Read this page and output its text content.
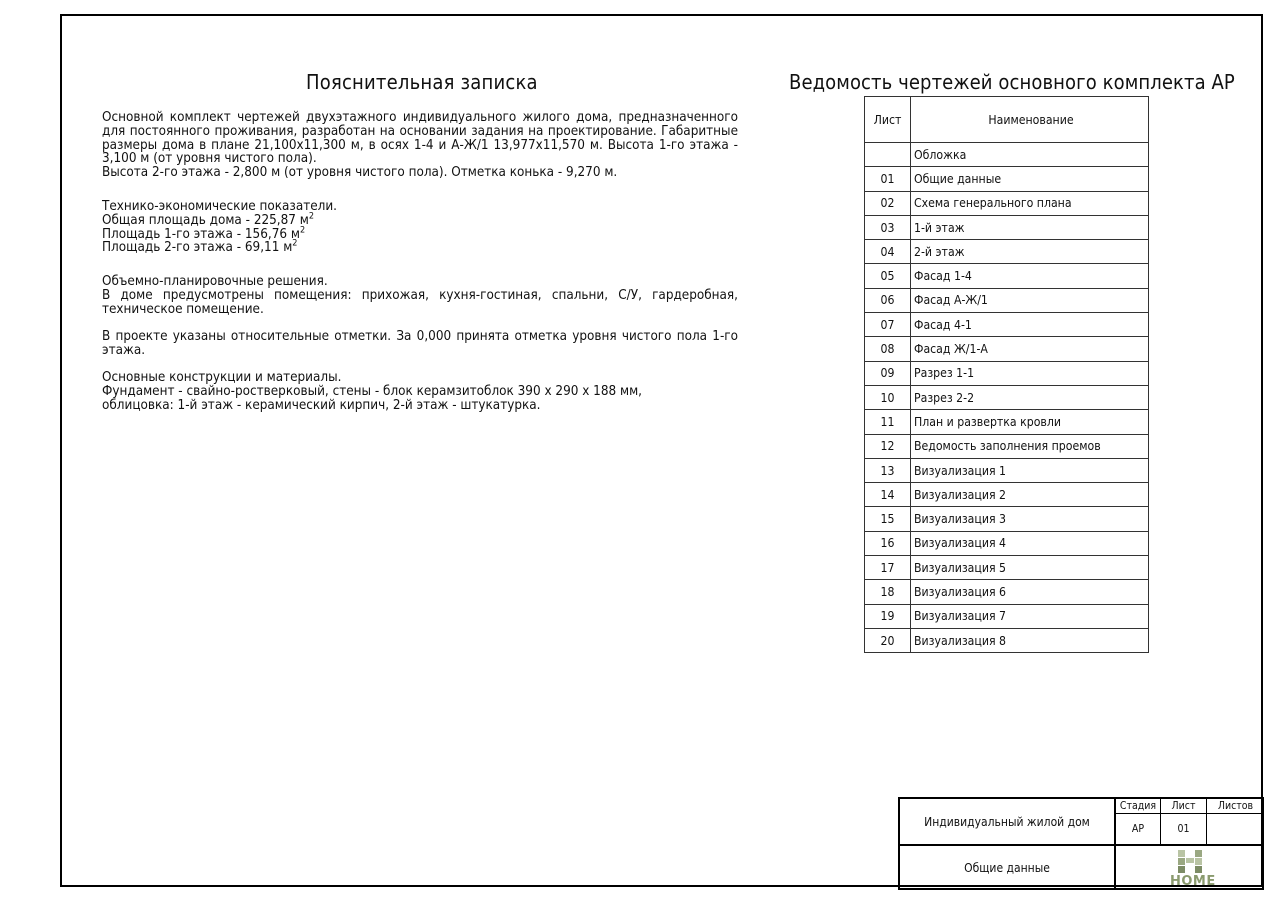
Пояснительная записка

Основной комплект чертежей двухэтажного индивидуального жилого дома, предназначенного для постоянного проживания, разработан на основании задания на проектирование. Габаритные размеры дома в плане 21,100х11,300 м, в осях 1-4 и А-Ж/1 13,977х11,570 м. Высота 1-го этажа - 3,100 м (от уровня чистого пола).

Высота 2-го этажа - 2,800 м (от уровня чистого пола). Отметка конька - 9,270 м.

Технико-экономические показатели.

Общая площадь дома - 225,87 $м^2$

Площадь 1-го этажа - 156,76 $м^2$

Площадь 2-го этажа - 69,11 $м^2$

Объемно-планировочные решения.

В доме предусмотрены помещения: прихожая, кухня-гостиная, спальни, С/У, гардеробная, техническое помещение.

В проекте указаны относительные отметки. За 0,000 принята отметка уровня чистого пола 1-го этажа.

Основные конструкции и материалы.

Фундамент - свайно-ростверковый, стены - блок керамзитоблок 390 х 290 х 188 мм,

облицовка: 1-й этаж - керамический кирпич, 2-й этаж - штукатурка.

Ведомость чертежей основного комплекта АР
Лист	Наименование
	Обложка
01	Общие данные
02	Схема генерального плана
03	1-й этаж
04	2-й этаж
05	Фасад 1-4
06	Фасад А-Ж/1
07	Фасад 4-1
08	Фасад Ж/1-А
09	Разрез 1-1
10	Разрез 2-2
11	План и развертка кровли
12	Ведомость заполнения проемов
13	Визуализация 1
14	Визуализация 2
15	Визуализация 3
16	Визуализация 4
17	Визуализация 5
18	Визуализация 6
19	Визуализация 7
20	Визуализация 8
Индивидуальный жилой дом
Общие данные
Стадия	Лист	Листов
АР	01
HOME
